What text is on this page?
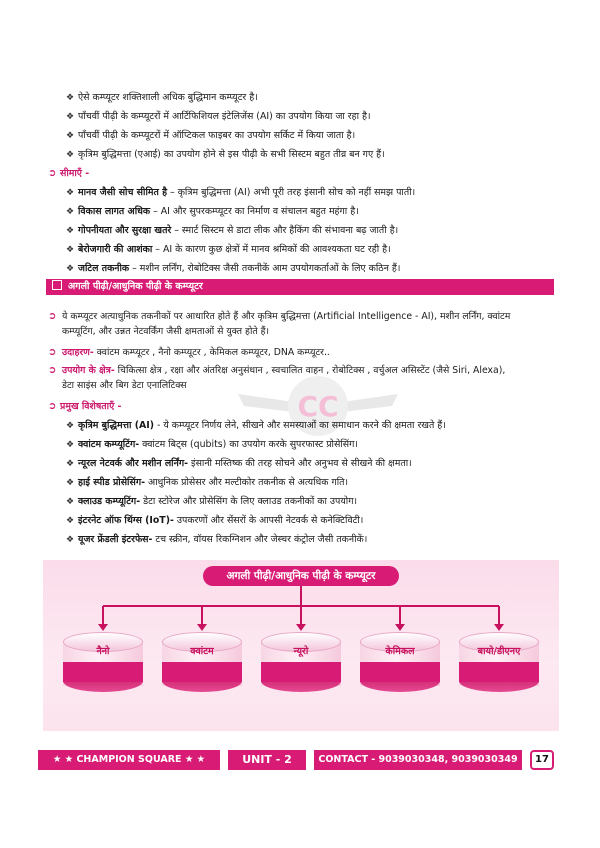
❖ ऐसे कम्प्यूटर शक्तिशाली अधिक बुद्धिमान कम्प्यूटर है।
❖ पाँचवीं पीढ़ी के कम्प्यूटरों में आर्टिफिशियल इंटेलिजेंस (AI) का उपयोग किया जा रहा है।
❖ पाँचवीं पीढ़ी के कम्प्यूटरों में ऑप्टिकल फाइबर का उपयोग सर्किट में किया जाता है।
❖ कृत्रिम बुद्धिमत्ता (एआई) का उपयोग होने से इस पीढ़ी के सभी सिस्टम बहुत तीव्र बन गए हैं।
➲ सीमाएँ -
❖ मानव जैसी सोच सीमित है – कृत्रिम बुद्धिमत्ता (AI) अभी पूरी तरह इंसानी सोच को नहीं समझ पाती।
❖ विकास लागत अधिक – AI और सुपरकम्प्यूटर का निर्माण व संचालन बहुत महंगा है।
❖ गोपनीयता और सुरक्षा खतरे – स्मार्ट सिस्टम से डाटा लीक और हैकिंग की संभावना बढ़ जाती है।
❖ बेरोजगारी की आशंका – AI के कारण कुछ क्षेत्रों में मानव श्रमिकों की आवश्यकता घट रही है।
❖ जटिल तकनीक – मशीन लर्निंग, रोबोटिक्स जैसी तकनीकें आम उपयोगकर्ताओं के लिए कठिन हैं।
अगली पीढ़ी/आधुनिक पीढ़ी के कम्प्यूटर
CC
➲ ये कम्प्यूटर अत्याधुनिक तकनीकों पर आधारित होते हैं और कृत्रिम बुद्धिमत्ता (Artificial Intelligence - AI), मशीन लर्निंग, क्वांटम
कम्प्यूटिंग, और उन्नत नेटवर्किंग जैसी क्षमताओं से युक्त होते हैं।
➲ उदाहरण- क्वांटम कम्प्यूटर , नैनो कम्प्यूटर , केमिकल कम्प्यूटर, DNA कम्प्यूटर..
➲ उपयोग के क्षेत्र- चिकित्सा क्षेत्र , रक्षा और अंतरिक्ष अनुसंधान , स्वचालित वाहन , रोबोटिक्स , वर्चुअल असिस्टेंट (जैसे Siri, Alexa),
डेटा साइंस और बिग डेटा एनालिटिक्स
➲ प्रमुख विशेषताएँ -
❖ कृत्रिम बुद्धिमत्ता (AI) - ये कम्प्यूटर निर्णय लेने, सीखने और समस्याओं का समाधान करने की क्षमता रखते हैं।
❖ क्वांटम कम्प्यूटिंग- क्वांटम बिट्स (qubits) का उपयोग करके सुपरफास्ट प्रोसेसिंग।
❖ न्यूरल नेटवर्क और मशीन लर्निंग- इंसानी मस्तिष्क की तरह सोचने और अनुभव से सीखने की क्षमता।
❖ हाई स्पीड प्रोसेसिंग- आधुनिक प्रोसेसर और मल्टीकोर तकनीक से अत्यधिक गति।
❖ क्लाउड कम्प्यूटिंग- डेटा स्टोरेज और प्रोसेसिंग के लिए क्लाउड तकनीकों का उपयोग।
❖ इंटरनेट ऑफ थिंग्स (IoT)- उपकरणों और सेंसरों के आपसी नेटवर्क से कनेक्टिविटी।
❖ यूजर फ्रेंडली इंटरफेस- टच स्क्रीन, वॉयस रिकग्निशन और जेस्चर कंट्रोल जैसी तकनीकें।
अगली पीढ़ी/आधुनिक पीढ़ी के कम्प्यूटर
नैनो	क्वांटम	न्यूरो	केमिकल	बायो/डीएनए
★ ★ CHAMPION SQUARE ★ ★	UNIT - 2	CONTACT - 9039030348, 9039030349	17
